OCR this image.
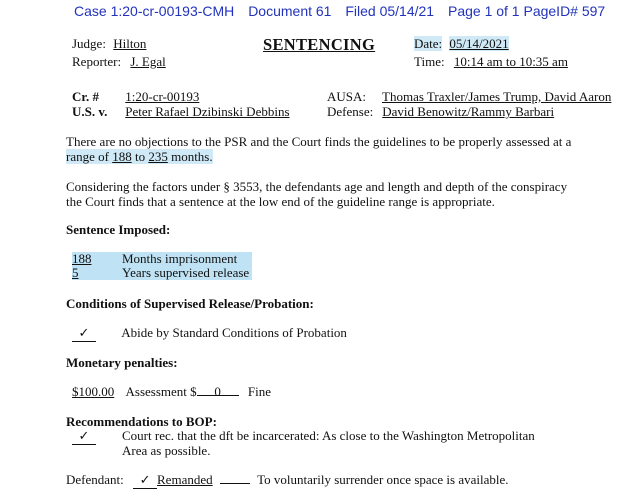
Case 1:20-cr-00193-CMH Document 61 Filed 05/14/21 Page 1 of 1 PageID# 597
Judge: Hilton
Reporter: J. Egal
SENTENCING	Date: 05/14/2021
Time: 10:14 am to 10:35 am
Cr. # 1:20-cr-00193
U.S. v. Peter Rafael Dzibinski Debbins
AUSA: Thomas Traxler/James Trump, David Aaron
Defense: David Benowitz/Rammy Barbari
There are no objections to the PSR and the Court finds the guidelines to be properly assessed at a
range of 188 to 235 months.
Considering the factors under § 3553, the defendants age and length and depth of the conspiracy
the Court finds that a sentence at the low end of the guideline range is appropriate.
Sentence Imposed:
188	Months imprisonment
5	Years supervised release
Conditions of Supervised Release/Probation:
✓ Abide by Standard Conditions of Probation
Monetary penalties:
$100.00 Assessment $ 0 Fine
Recommendations to BOP:
✓	Court rec. that the dft be incarcerated: As close to the Washington Metropolitan
Area as possible.
Defendant: ✓ Remanded	To voluntarily surrender once space is available.
